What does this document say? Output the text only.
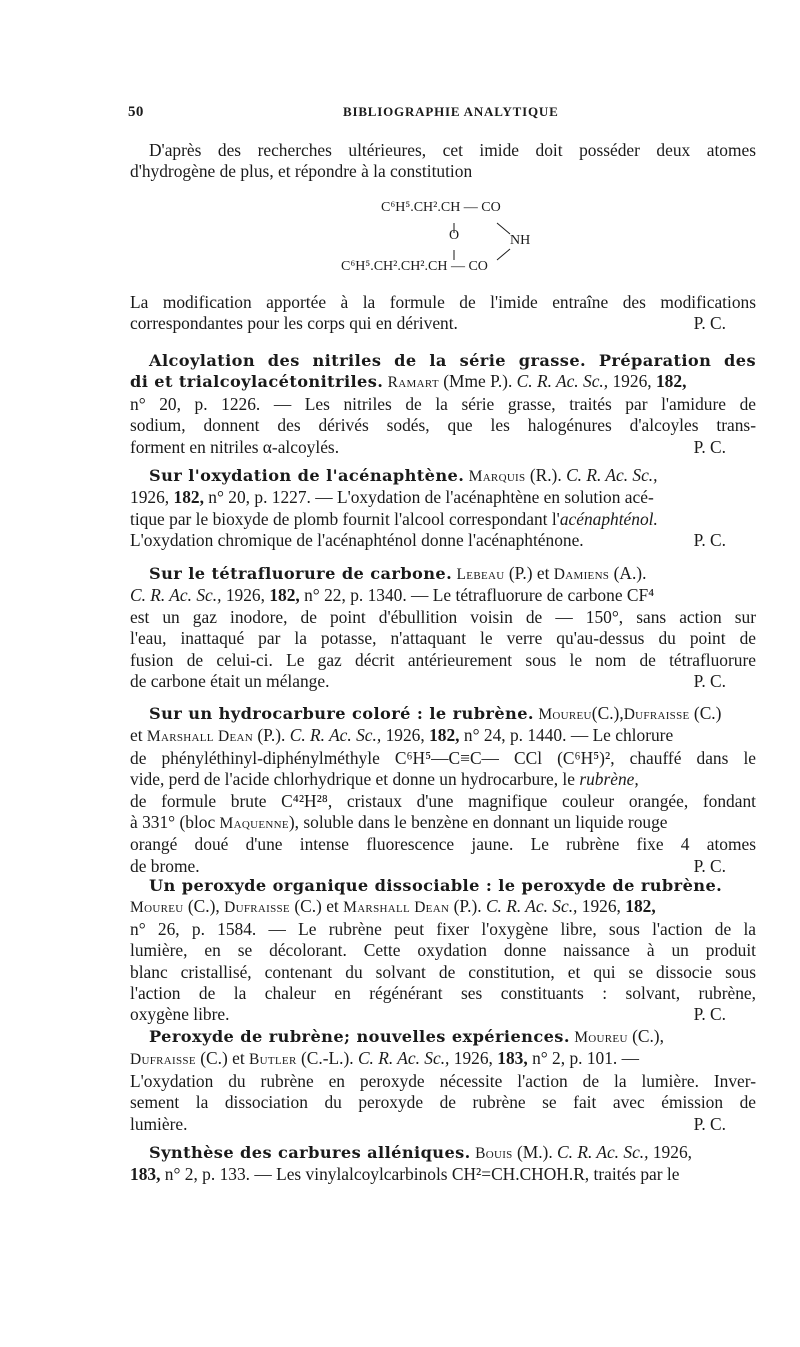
50	BIBLIOGRAPHIE ANALYTIQUE
D'après des recherches ultérieures, cet imide doit posséder deux atomes
d'hydrogène de plus, et répondre à la constitution
C⁶H⁵.CH².CH — CO
O	NH
C⁶H⁵.CH².CH².CH — CO
La modification apportée à la formule de l'imide entraîne des modifications
correspondantes pour les corps qui en dérivent.	P. C.
Alcoylation des nitriles de la série grasse. Préparation des
di et trialcoylacétonitriles. Ramart (Mme P.). C. R. Ac. Sc., 1926, 182,
n° 20, p. 1226. — Les nitriles de la série grasse, traités par l'amidure de
sodium, donnent des dérivés sodés, que les halogénures d'alcoyles trans-
forment en nitriles α-alcoylés.	P. C.
Sur l'oxydation de l'acénaphtène. Marquis (R.). C. R. Ac. Sc.,
1926, 182, n° 20, p. 1227. — L'oxydation de l'acénaphtène en solution acé-
tique par le bioxyde de plomb fournit l'alcool correspondant l'acénaphténol.
L'oxydation chromique de l'acénaphténol donne l'acénaphténone.	P. C.
Sur le tétrafluorure de carbone. Lebeau (P.) et Damiens (A.).
C. R. Ac. Sc., 1926, 182, n° 22, p. 1340. — Le tétrafluorure de carbone CF⁴
est un gaz inodore, de point d'ébullition voisin de — 150°, sans action sur
l'eau, inattaqué par la potasse, n'attaquant le verre qu'au-dessus du point de
fusion de celui-ci. Le gaz décrit antérieurement sous le nom de tétrafluorure
de carbone était un mélange.	P. C.
Sur un hydrocarbure coloré : le rubrène. Moureu(C.),Dufraisse (C.)
et Marshall Dean (P.). C. R. Ac. Sc., 1926, 182, n° 24, p. 1440. — Le chlorure
de phényléthinyl-diphénylméthyle C⁶H⁵—C≡C— CCl (C⁶H⁵)², chauffé dans le
vide, perd de l'acide chlorhydrique et donne un hydrocarbure, le rubrène,
de formule brute C⁴²H²⁸, cristaux d'une magnifique couleur orangée, fondant
à 331° (bloc Maquenne), soluble dans le benzène en donnant un liquide rouge
orangé doué d'une intense fluorescence jaune. Le rubrène fixe 4 atomes
de brome.	P. C.
Un peroxyde organique dissociable : le peroxyde de rubrène.
Moureu (C.), Dufraisse (C.) et Marshall Dean (P.). C. R. Ac. Sc., 1926, 182,
n° 26, p. 1584. — Le rubrène peut fixer l'oxygène libre, sous l'action de la
lumière, en se décolorant. Cette oxydation donne naissance à un produit
blanc cristallisé, contenant du solvant de constitution, et qui se dissocie sous
l'action de la chaleur en régénérant ses constituants : solvant, rubrène,
oxygène libre.	P. C.
Peroxyde de rubrène; nouvelles expériences. Moureu (C.),
Dufraisse (C.) et Butler (C.-L.). C. R. Ac. Sc., 1926, 183, n° 2, p. 101. —
L'oxydation du rubrène en peroxyde nécessite l'action de la lumière. Inver-
sement la dissociation du peroxyde de rubrène se fait avec émission de
lumière.	P. C.
Synthèse des carbures alléniques. Bouis (M.). C. R. Ac. Sc., 1926,
183, n° 2, p. 133. — Les vinylalcoylcarbinols CH²=CH.CHOH.R, traités par le
